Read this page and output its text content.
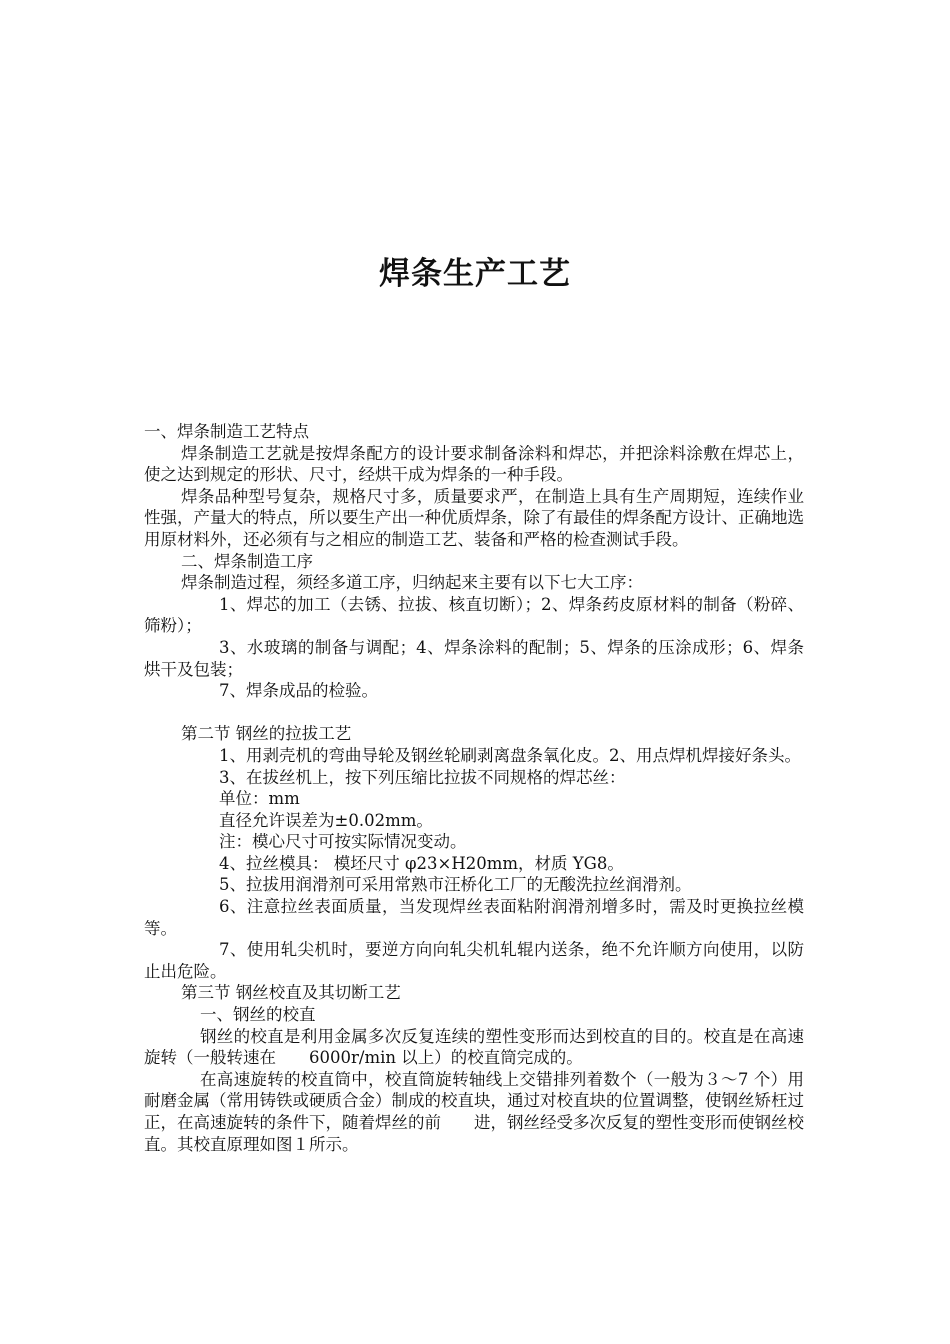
焊条生产工艺

一、焊条制造工艺特点

焊条制造工艺就是按焊条配方的设计要求制备涂料和焊芯，并把涂料涂敷在焊芯上，使之达到规定的形状、尺寸，经烘干成为焊条的一种手段。

焊条品种型号复杂，规格尺寸多，质量要求严，在制造上具有生产周期短，连续作业性强，产量大的特点，所以要生产出一种优质焊条，除了有最佳的焊条配方设计、正确地选用原材料外，还必须有与之相应的制造工艺、装备和严格的检查测试手段。

二、焊条制造工序

焊条制造过程，须经多道工序，归纳起来主要有以下七大工序：

1、焊芯的加工（去锈、拉拔、核直切断）；2、焊条药皮原材料的制备（粉碎、筛粉）；

3、水玻璃的制备与调配；4、焊条涂料的配制；5、焊条的压涂成形；6、焊条烘干及包装；

7、焊条成品的检验。

第二节 钢丝的拉拔工艺

1、用剥壳机的弯曲导轮及钢丝轮刷剥离盘条氧化皮。2、用点焊机焊接好条头。

3、在拔丝机上，按下列压缩比拉拔不同规格的焊芯丝：

单位：mm

直径允许误差为±0.02mm。

注：模心尺寸可按实际情况变动。

4、拉丝模具： 模坯尺寸 φ23×H20mm，材质 YG8。

5、拉拔用润滑剂可采用常熟市汪桥化工厂的无酸洗拉丝润滑剂。

6、注意拉丝表面质量，当发现焊丝表面粘附润滑剂增多时，需及时更换拉丝模等。

7、使用轧尖机时，要逆方向向轧尖机轧辊内送条，绝不允许顺方向使用，以防止出危险。

第三节 钢丝校直及其切断工艺

一、钢丝的校直

钢丝的校直是利用金属多次反复连续的塑性变形而达到校直的目的。校直是在高速旋转（一般转速在　　6000r/min 以上）的校直筒完成的。

在高速旋转的校直筒中，校直筒旋转轴线上交错排列着数个（一般为３～7 个）用耐磨金属（常用铸铁或硬质合金）制成的校直块，通过对校直块的位置调整，使钢丝矫枉过正，在高速旋转的条件下，随着焊丝的前　　进，钢丝经受多次反复的塑性变形而使钢丝校直。其校直原理如图１所示。
